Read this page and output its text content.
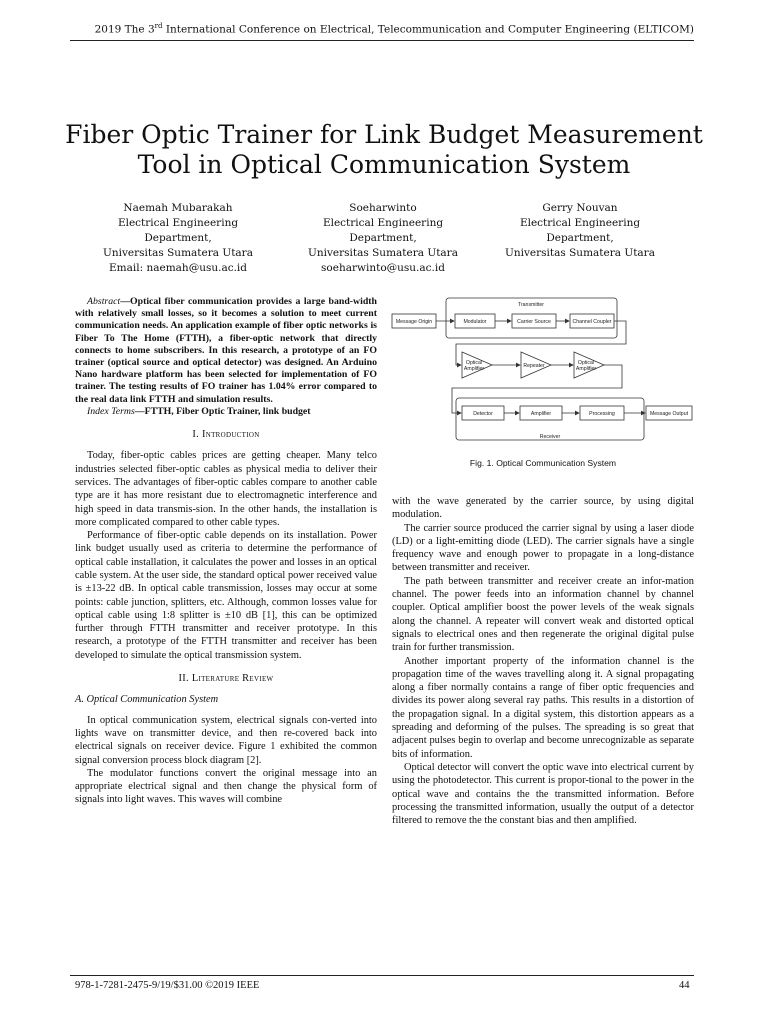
2019 The 3rd International Conference on Electrical, Telecommunication and Computer Engineering (ELTICOM)
Fiber Optic Trainer for Link Budget Measurement
Tool in Optical Communication System
Naemah Mubarakah
Electrical Engineering Department,
Universitas Sumatera Utara
Email: naemah@usu.ac.id
Soeharwinto
Electrical Engineering Department,
Universitas Sumatera Utara
soeharwinto@usu.ac.id
Gerry Nouvan
Electrical Engineering Department,
Universitas Sumatera Utara

Abstract—Optical fiber communication provides a large band-width with relatively small losses, so it becomes a solution to meet current communication needs. An application example of fiber optic networks is Fiber To The Home (FTTH), a fiber-optic network that directly connects to home subscribers. In this research, a prototype of an FO trainer (optical source and optical detector) was designed. An Arduino Nano hardware platform has been selected for implementation of FO trainer. The testing results of FO trainer has 1.04% error compared to the real data link FTTH and simulation results.

Index Terms—FTTH, Fiber Optic Trainer, link budget

I. Introduction

Today, fiber-optic cables prices are getting cheaper. Many telco industries selected fiber-optic cables as physical media to deliver their services. The advantages of fiber-optic cables compare to another cable type are it has more resistant due to electromagnetic interference and high speed in data transmis-sion. In the other hands, the installation is more complicated compared to other cable types.

Performance of fiber-optic cable depends on its installation. Power link budget usually used as criteria to determine the performance of optical cable installation, it calculates the power and losses in an optical cable system. At the user side, the standard optical power received value is ±13-22 dB. In optical cable transmission, losses may occur at some points: cable junction, splitters, etc. Although, common losses value for optical cable using 1:8 splitter is ±10 dB [1], this can be optimized further through FTTH transmitter and receiver prototype. In this research, a prototype of the FTTH transmitter and receiver has been developed to simulate the optical transmission system.

II. Literature Review
A. Optical Communication System

In optical communication system, electrical signals con-verted into lights wave on transmitter device, and then re-covered back into electrical signals on receiver device. Figure 1 exhibited the common signal conversion process block diagram [2].

The modulator functions convert the original message into an appropriate electrical signal and then change the physical form of signals into light waves. This waves will combine

Transmitter
Receiver
Message Origin	Modulator	Carrier Source	Channel Coupler
Optical
Amplifier	Repeater	Optical
Amplifier
Detector	Amplifier	Processing	Message Output
Fig. 1. Optical Communication System

with the wave generated by the carrier source, by using digital modulation.

The carrier source produced the carrier signal by using a laser diode (LD) or a light-emitting diode (LED). The carrier signals have a single frequency wave and enough power to propagate in a long-distance between transmitter and receiver.

The path between transmitter and receiver create an infor-mation channel. The power feeds into an information channel by channel coupler. Optical amplifier boost the power levels of the weak signals along the channel. A repeater will convert weak and distorted optical signals to electrical ones and then regenerate the original digital pulse train for further transmission.

Another important property of the information channel is the propagation time of the waves travelling along it. A signal propagating along a fiber normally contains a range of fiber optic frequencies and divides its power along several ray paths. This results in a distortion of the propagation signal. In a digital system, this distortion appears as a spreading and deforming of the pulses. The spreading is so great that adjacent pulses begin to overlap and become unrecognizable as separate bits of information.

Optical detector will convert the optic wave into electrical current by using the photodetector. This current is propor-tional to the power in the optical wave and contains the the transmitted information. Before processing the transmitted information, usually the output of a detector filtered to remove the the constant bias and then amplified.

978-1-7281-2475-9/19/$31.00 ©2019 IEEE	44
